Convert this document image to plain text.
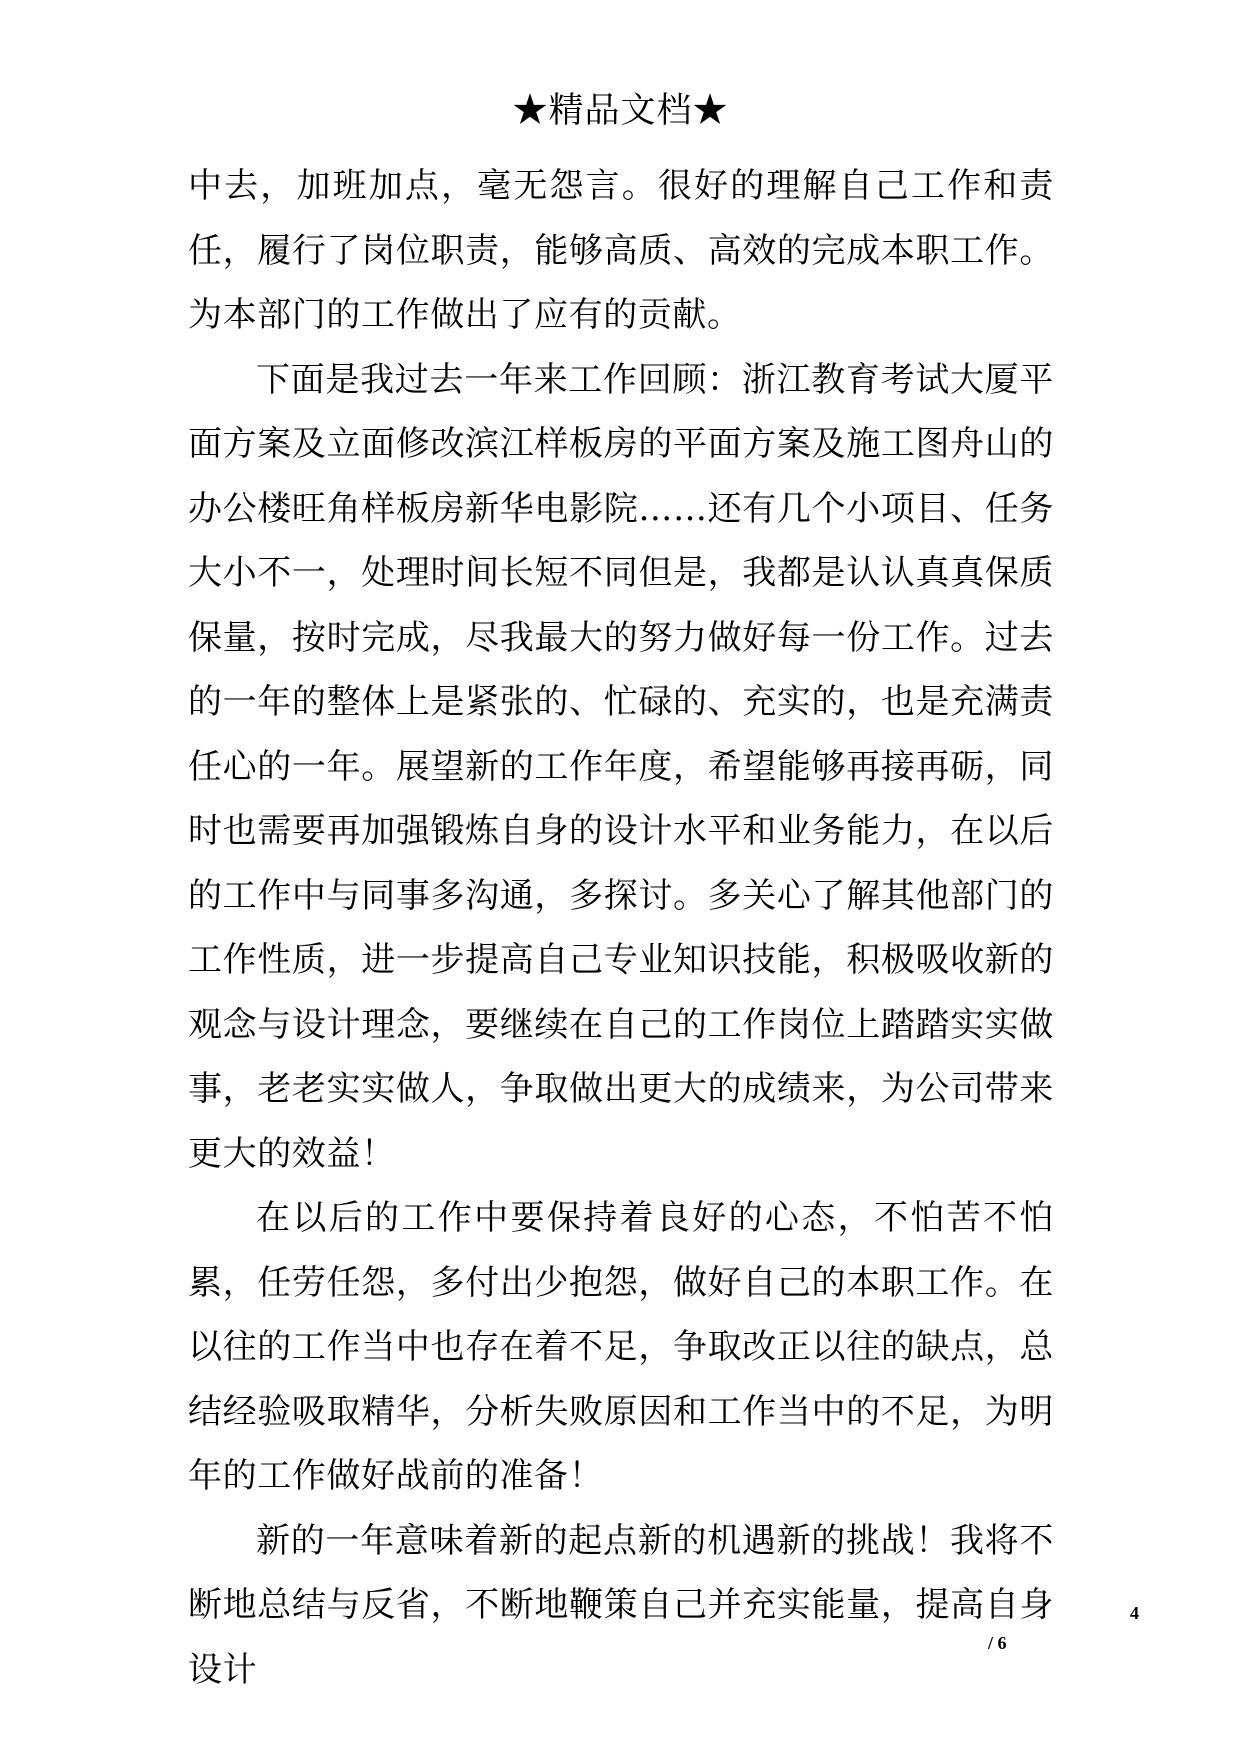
★精品文档★

中去，加班加点，毫无怨言。很好的理解自己工作和责任，履行了岗位职责，能够高质、高效的完成本职工作。为本部门的工作做出了应有的贡献。

下面是我过去一年来工作回顾：浙江教育考试大厦平面方案及立面修改滨江样板房的平面方案及施工图舟山的办公楼旺角样板房新华电影院……还有几个小项目、任务大小不一，处理时间长短不同但是，我都是认认真真保质保量，按时完成，尽我最大的努力做好每一份工作。过去的一年的整体上是紧张的、忙碌的、充实的，也是充满责任心的一年。展望新的工作年度，希望能够再接再砺，同时也需要再加强锻炼自身的设计水平和业务能力，在以后的工作中与同事多沟通，多探讨。多关心了解其他部门的工作性质，进一步提高自己专业知识技能，积极吸收新的观念与设计理念，要继续在自己的工作岗位上踏踏实实做事，老老实实做人，争取做出更大的成绩来，为公司带来更大的效益！

在以后的工作中要保持着良好的心态，不怕苦不怕累，任劳任怨，多付出少抱怨，做好自己的本职工作。在以往的工作当中也存在着不足，争取改正以往的缺点，总结经验吸取精华，分析失败原因和工作当中的不足，为明年的工作做好战前的准备！

新的一年意味着新的起点新的机遇新的挑战！我将不断地总结与反省，不断地鞭策自己并充实能量，提高自身设计

4
/ 6
